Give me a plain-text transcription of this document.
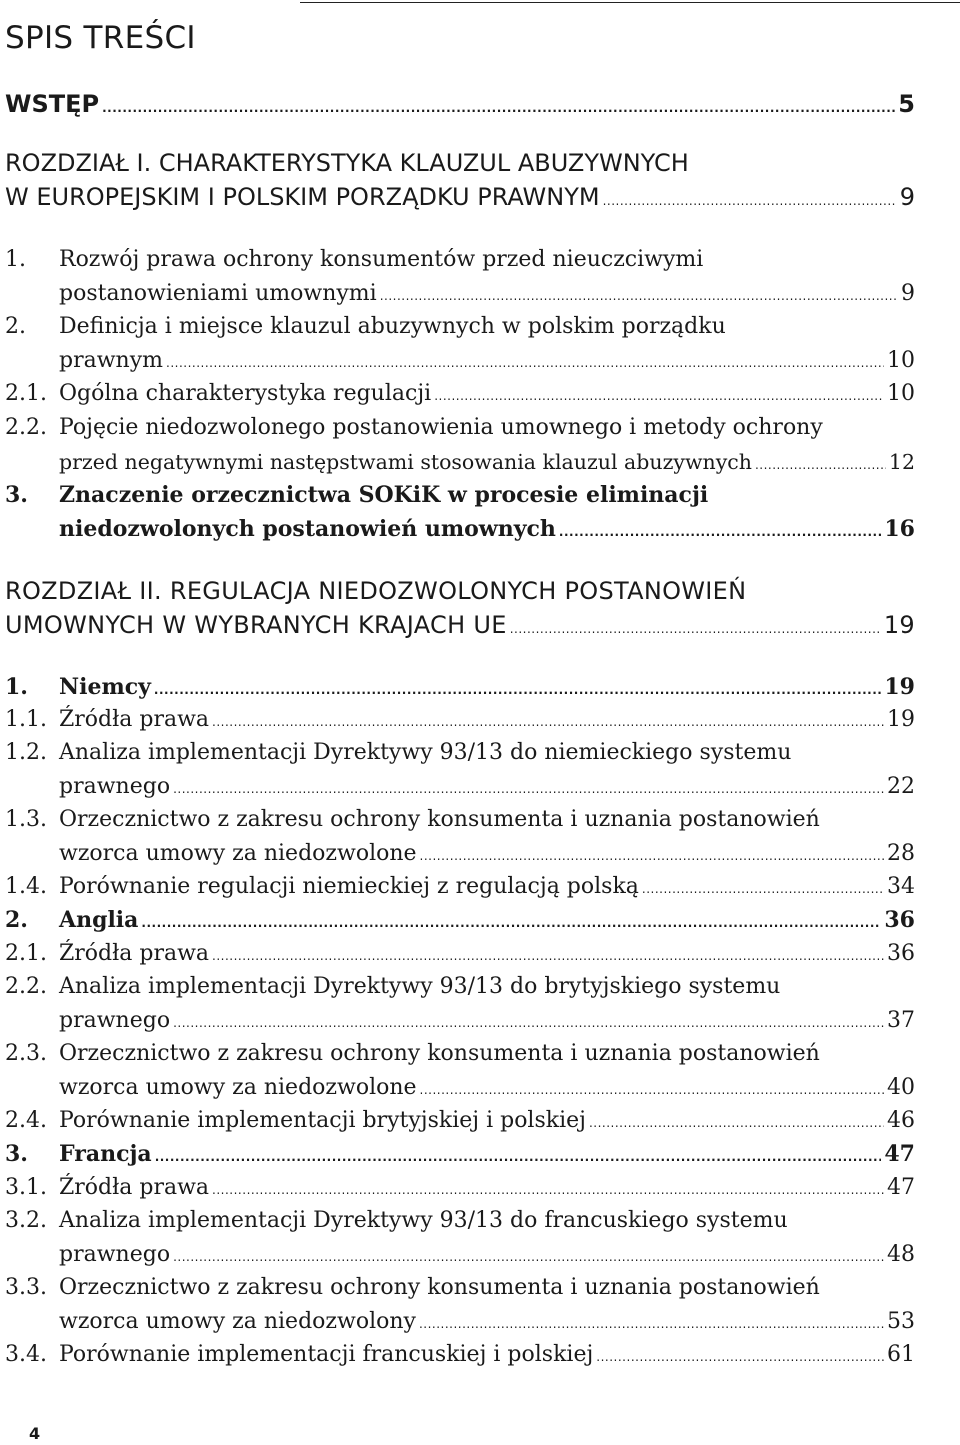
SPIS TREŚCI
WSTĘP .....	5
ROZDZIAŁ I. CHARAKTERYSTYKA KLAUZUL ABUZYWNYCH
W EUROPEJSKIM I POLSKIM PORZĄDKU PRAWNYM .....	9
1.	Rozwój prawa ochrony konsumentów przed nieuczciwymi
postanowieniami umownymi .....	9
2.	Definicja i miejsce klauzul abuzywnych w polskim porządku
prawnym .....	10
2.1. Ogólna charakterystyka regulacji .....	10
2.2. Pojęcie niedozwolonego postanowienia umownego i metody ochrony
przed negatywnymi następstwami stosowania klauzul abuzywnych .....	12
3.	Znaczenie orzecznictwa SOKiK w procesie eliminacji
niedozwolonych postanowień umownych .....	16
ROZDZIAŁ II. REGULACJA NIEDOZWOLONYCH POSTANOWIEŃ
UMOWNYCH W WYBRANYCH KRAJACH UE .....	19
1.	Niemcy .....	19
1.1. Źródła prawa .....	19
1.2. Analiza implementacji Dyrektywy 93/13 do niemieckiego systemu
prawnego .....	22
1.3. Orzecznictwo z zakresu ochrony konsumenta i uznania postanowień
wzorca umowy za niedozwolone .....	28
1.4. Porównanie regulacji niemieckiej z regulacją polską .....	34
2.	Anglia .....	36
2.1. Źródła prawa .....	36
2.2. Analiza implementacji Dyrektywy 93/13 do brytyjskiego systemu
prawnego .....	37
2.3. Orzecznictwo z zakresu ochrony konsumenta i uznania postanowień
wzorca umowy za niedozwolone .....	40
2.4. Porównanie implementacji brytyjskiej i polskiej .....	46
3.	Francja .....	47
3.1. Źródła prawa .....	47
3.2. Analiza implementacji Dyrektywy 93/13 do francuskiego systemu
prawnego .....	48
3.3. Orzecznictwo z zakresu ochrony konsumenta i uznania postanowień
wzorca umowy za niedozwolony .....	53
3.4. Porównanie implementacji francuskiej i polskiej .....	61
4
